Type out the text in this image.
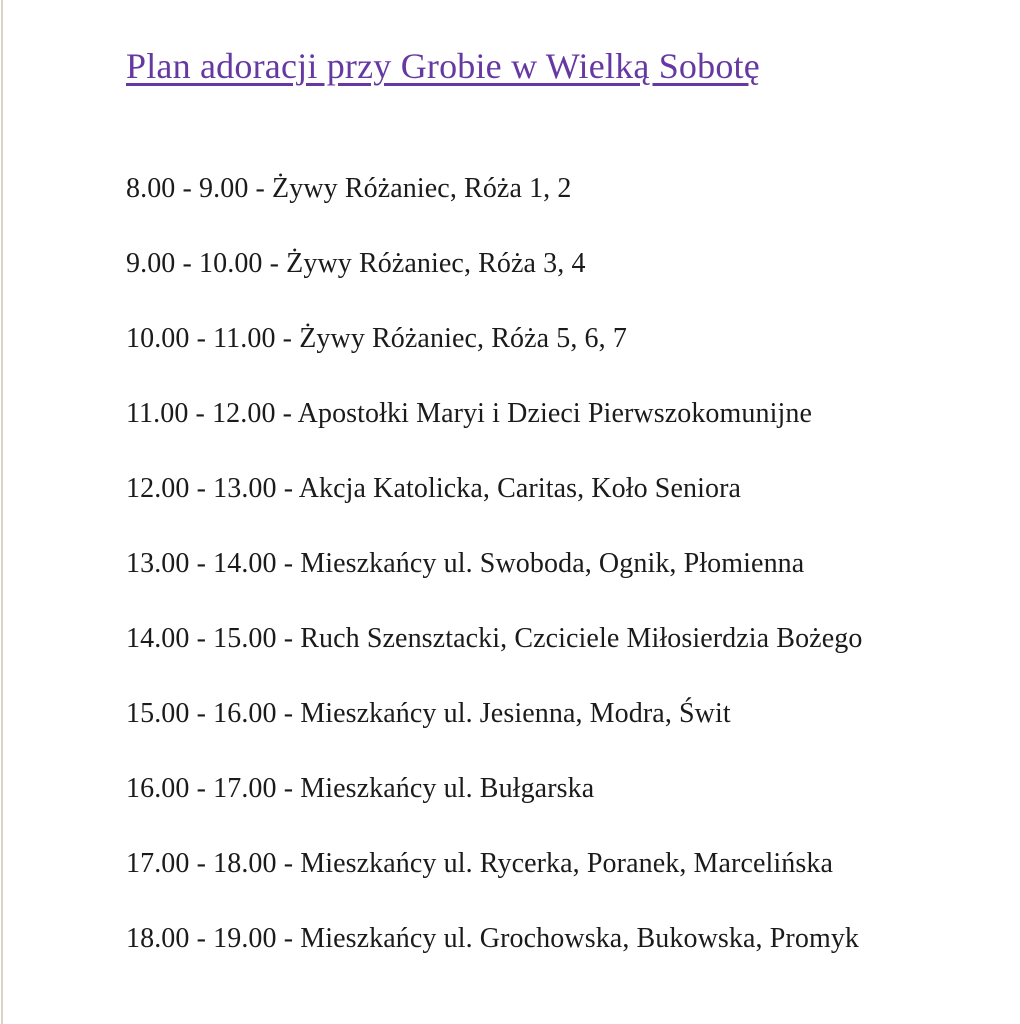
Plan adoracji przy Grobie w Wielką Sobotę
8.00 - 9.00 - Żywy Różaniec, Róża 1, 2
9.00 - 10.00 - Żywy Różaniec, Róża 3, 4
10.00 - 11.00 - Żywy Różaniec, Róża 5, 6, 7
11.00 - 12.00 - Apostołki Maryi i Dzieci Pierwszokomunijne
12.00 - 13.00 - Akcja Katolicka, Caritas, Koło Seniora
13.00 - 14.00 - Mieszkańcy ul. Swoboda, Ognik, Płomienna
14.00 - 15.00 - Ruch Szensztacki, Czciciele Miłosierdzia Bożego
15.00 - 16.00 - Mieszkańcy ul. Jesienna, Modra, Świt
16.00 - 17.00 - Mieszkańcy ul. Bułgarska
17.00 - 18.00 - Mieszkańcy ul. Rycerka, Poranek, Marcelińska
18.00 - 19.00 - Mieszkańcy ul. Grochowska, Bukowska, Promyk
